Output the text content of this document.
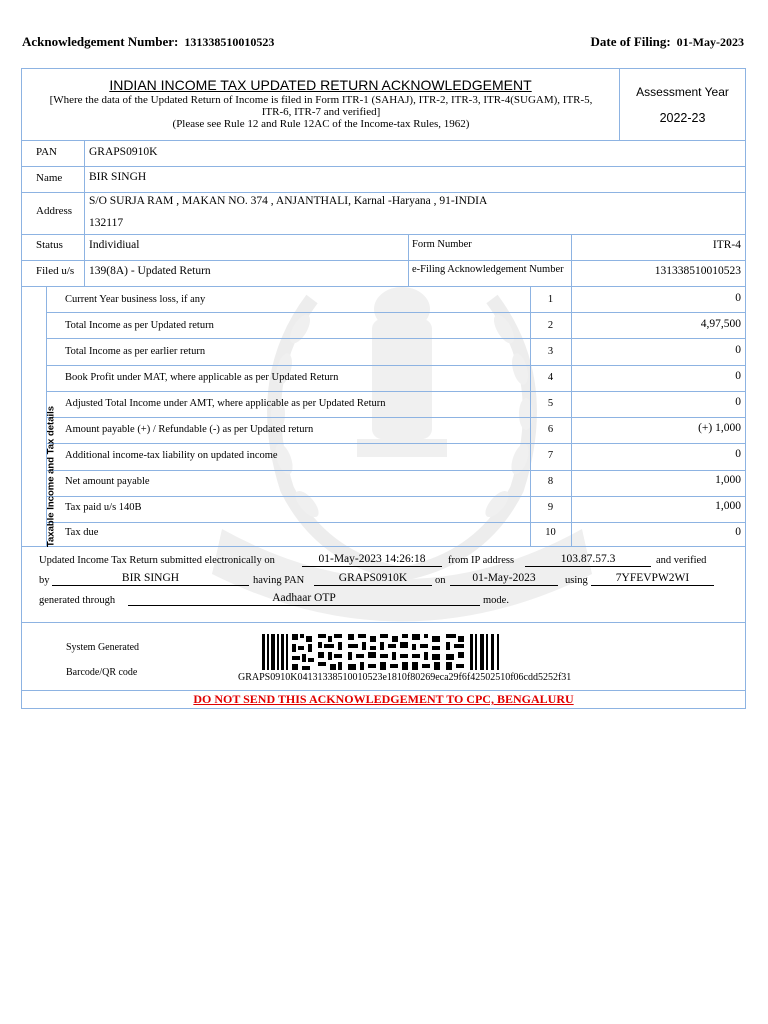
Acknowledgement Number: 131338510010523	Date of Filing: 01-May-2023
INDIAN INCOME TAX UPDATED RETURN ACKNOWLEDGEMENT
[Where the data of the Updated Return of Income is filed in Form ITR-1 (SAHAJ), ITR-2, ITR-3, ITR-4(SUGAM), ITR-5,
ITR-6, ITR-7 and verified]
(Please see Rule 12 and Rule 12AC of the Income-tax Rules, 1962)
Assessment Year
2022-23
PAN	GRAPS0910K
Name BIR SINGH
Address
S/O SURJA RAM , MAKAN NO. 374 , ANJANTHALI, Karnal -Haryana , 91-INDIA
132117
Status Individiual	Form Number	ITR-4
Filed u/s 139(8A) - Updated Return	e-Filing Acknowledgement Number	131338510010523
Taxable Income and Tax details
Current Year business loss, if any	1	0
Total Income as per Updated return	2	4,97,500
Total Income as per earlier return	3	0
Book Profit under MAT, where applicable as per Updated Return	4	0
Adjusted Total Income under AMT, where applicable as per Updated Return	5	0
Amount payable (+) / Refundable (-) as per Updated return	6	(+) 1,000
Additional income-tax liability on updated income	7	0
Net amount payable	8	1,000
Tax paid u/s 140B	9	1,000
Tax due	10	0
Updated Income Tax Return submitted electronically on	01-May-2023 14:26:18	from IP address	103.87.57.3	and verified
by	BIR SINGH	having PAN	GRAPS0910K	on	01-May-2023	using	7YFEVPW2WI
generated through	Aadhaar OTP	mode.
System Generated
Barcode/QR code	GRAPS0910K04131338510010523e1810f80269eca29f6f42502510f06cdd5252f31
DO NOT SEND THIS ACKNOWLEDGEMENT TO CPC, BENGALURU
